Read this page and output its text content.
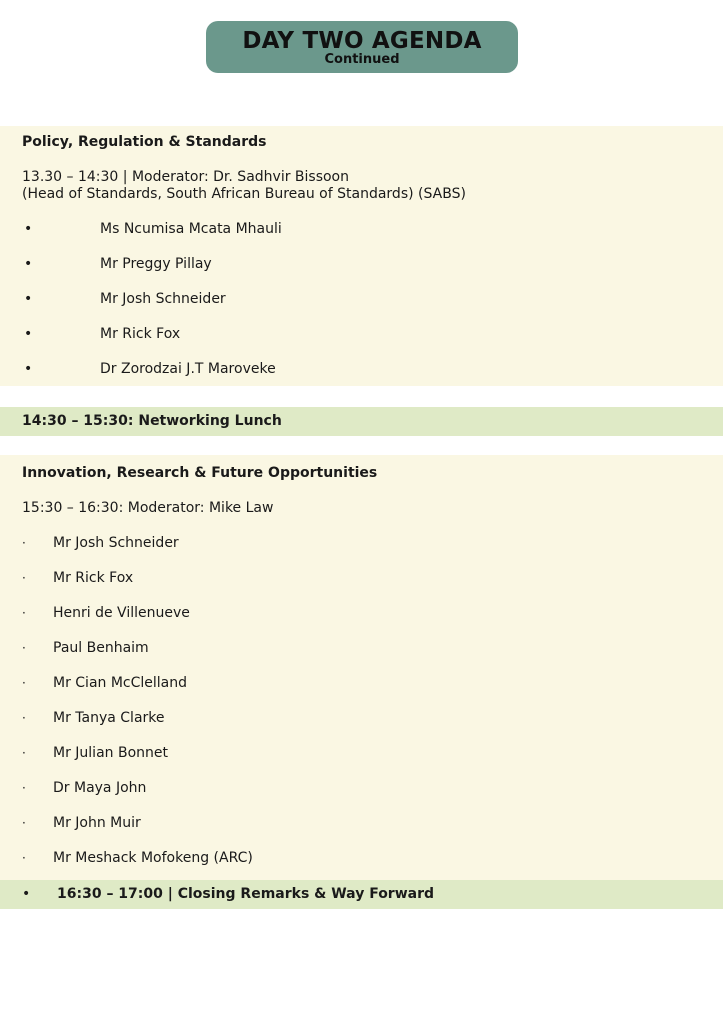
DAY TWO AGENDA
Continued
Policy, Regulation & Standards
13.30 – 14:30 | Moderator: Dr. Sadhvir Bissoon
(Head of Standards, South African Bureau of Standards) (SABS)
•	Ms Ncumisa Mcata Mhauli
•	Mr Preggy Pillay
•	Mr Josh Schneider
•	Mr Rick Fox
•	Dr Zorodzai J.T Maroveke
14:30 – 15:30: Networking Lunch
Innovation, Research & Future Opportunities
15:30 – 16:30: Moderator: Mike Law
· Mr Josh Schneider
· Mr Rick Fox
· Henri de Villenueve
· Paul Benhaim
· Mr Cian McClelland
· Mr Tanya Clarke
· Mr Julian Bonnet
· Dr Maya John
· Mr John Muir
· Mr Meshack Mofokeng (ARC)
• 16:30 – 17:00 | Closing Remarks & Way Forward
